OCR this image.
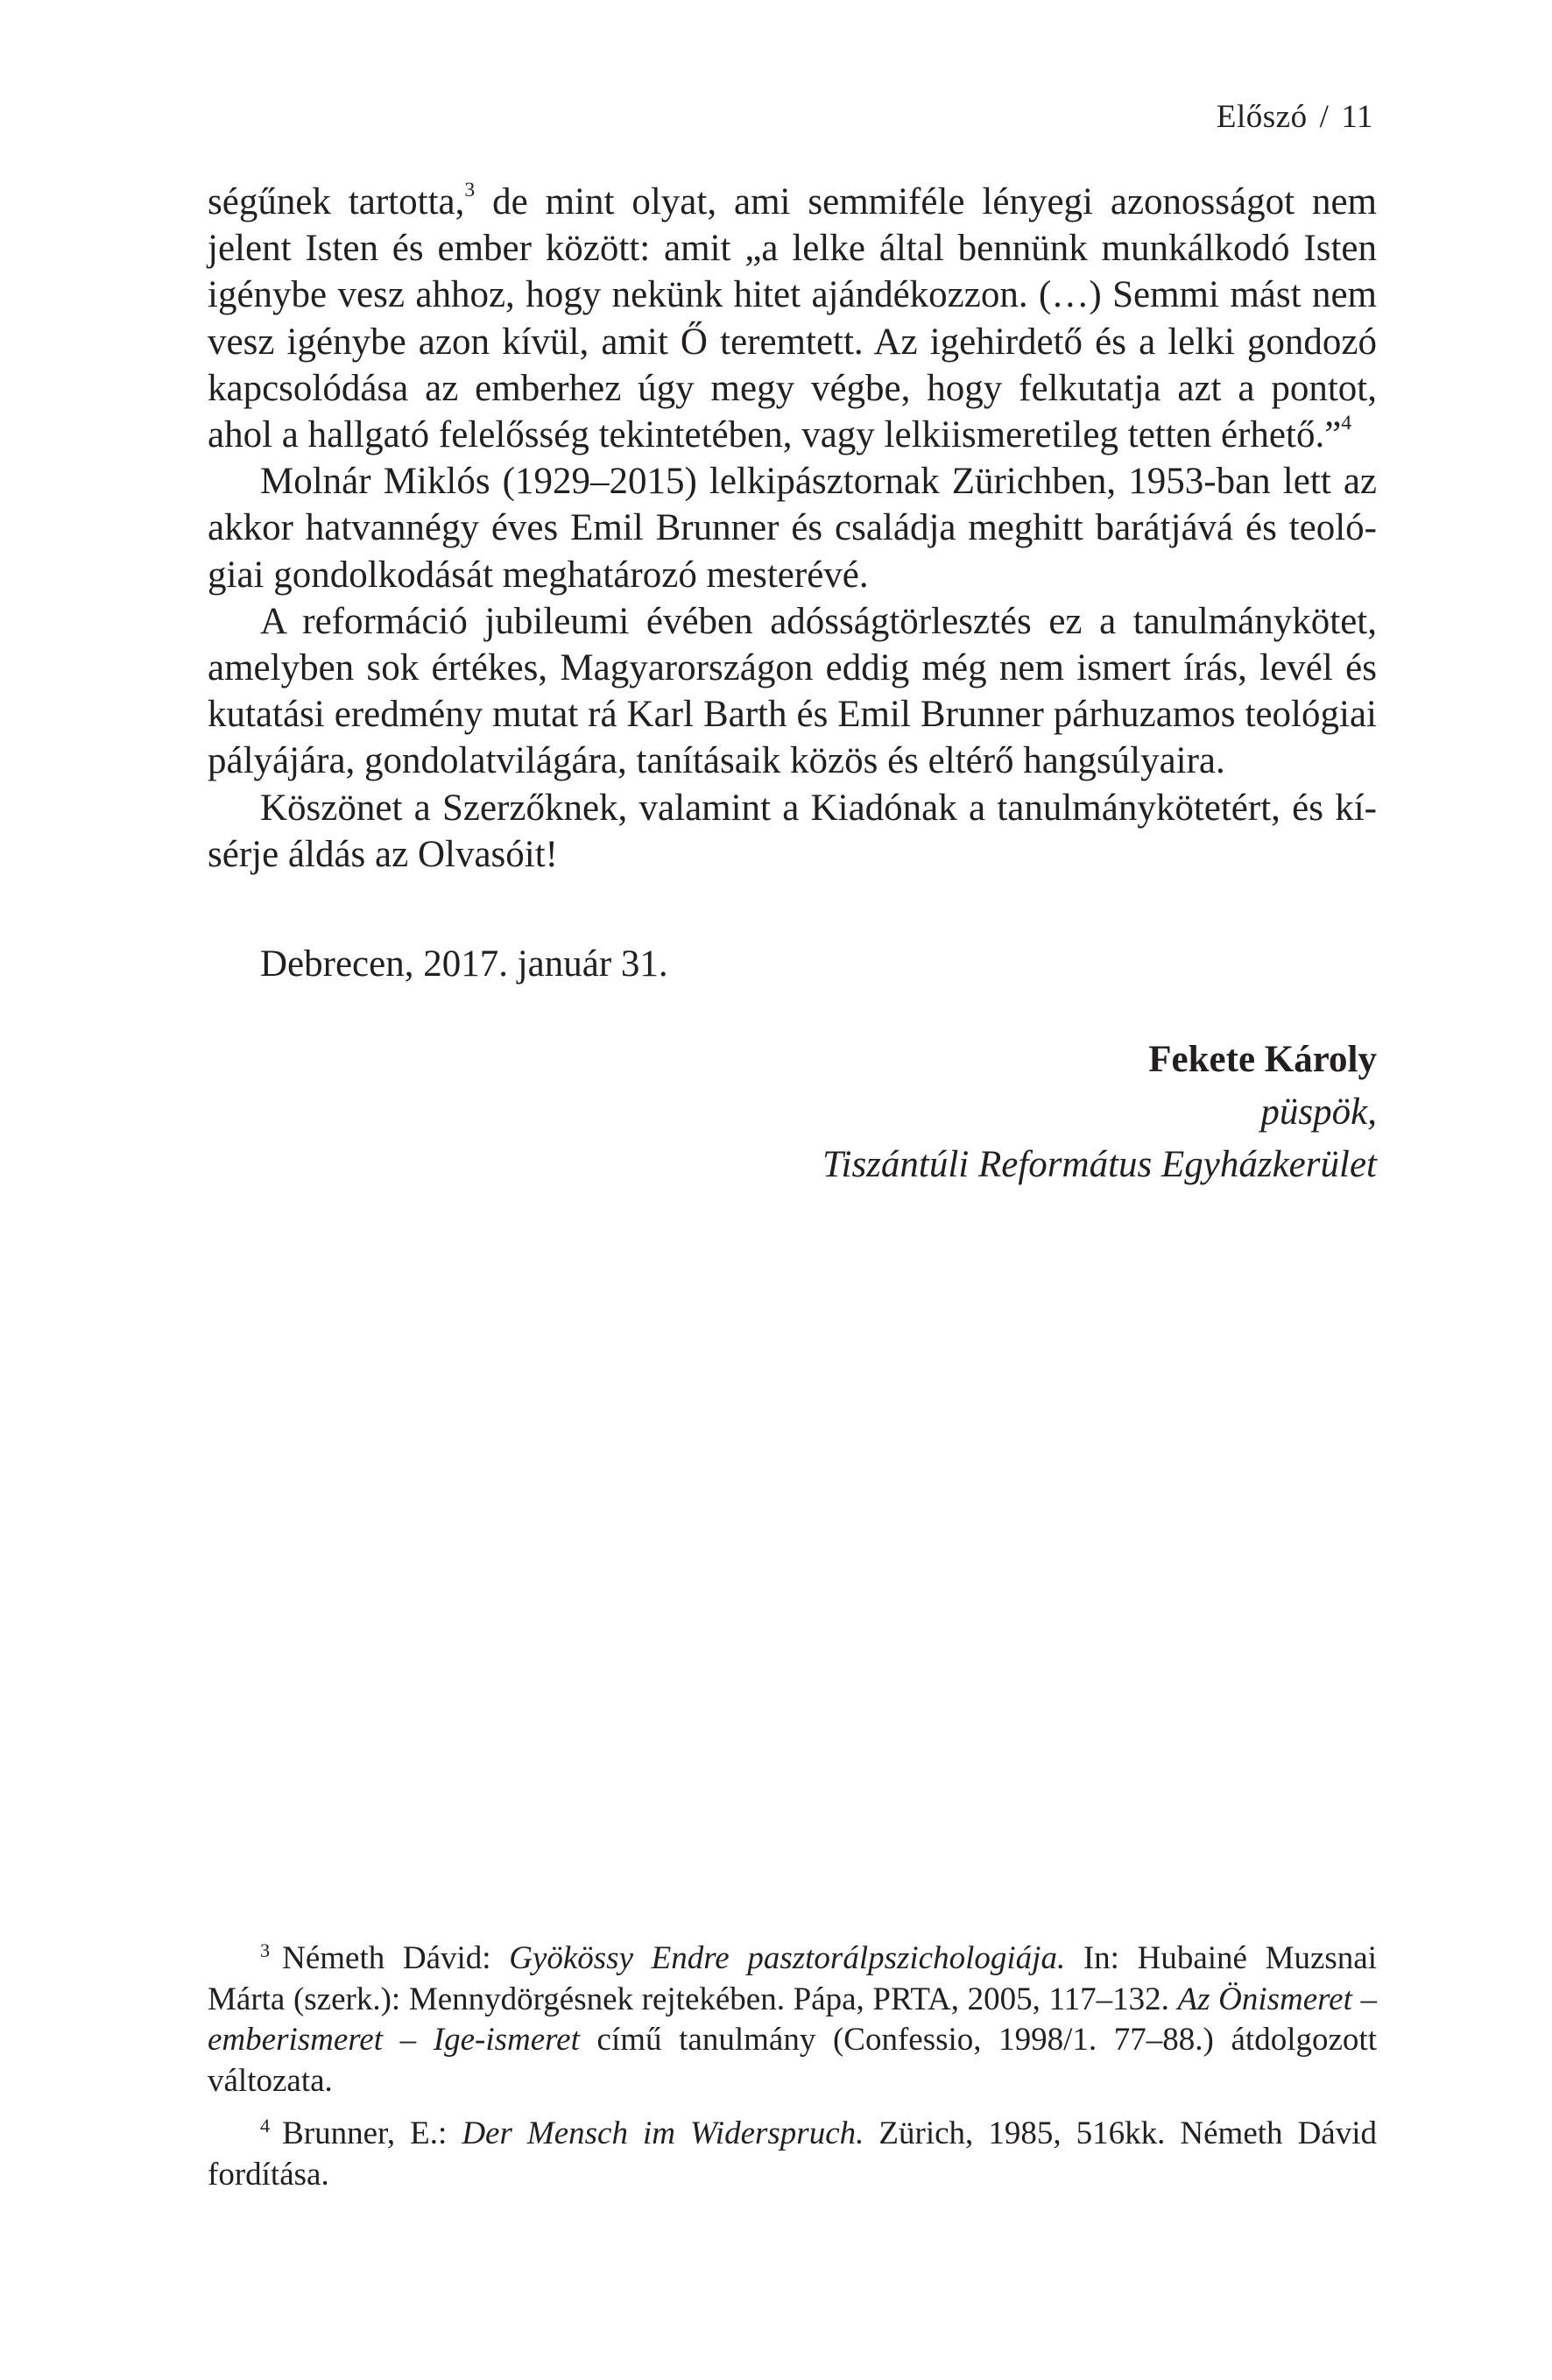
Előszó / 11

ségűnek tartotta,$^3$ de mint olyat, ami semmiféle lényegi azonosságot nem jelent Isten és ember között: amit „a lelke által bennünk munkálkodó Isten igénybe vesz ahhoz, hogy nekünk hitet ajándékozzon. (…) Semmi mást nem vesz igénybe azon kívül, amit Ő teremtett. Az igehirdető és a lelki gondozó kapcsolódása az emberhez úgy megy végbe, hogy felkutatja azt a pontot, ahol a hallgató felelősség tekintetében, vagy lelkiismeretileg tetten érhető.”$^4$

Molnár Miklós (1929–2015) lelkipásztornak Zürichben, 1953-ban lett az akkor hatvannégy éves Emil Brunner és családja meghitt barátjává és teológiai gondolkodását meghatározó mesterévé.

A reformáció jubileumi évében adósságtörlesztés ez a tanulmánykötet, amelyben sok értékes, Magyarországon eddig még nem ismert írás, levél és kutatási eredmény mutat rá Karl Barth és Emil Brunner párhuzamos teológiai pályájára, gondolatvilágára, tanításaik közös és eltérő hangsúlyaira.

Köszönet a Szerzőknek, valamint a Kiadónak a tanulmánykötetért, és kísérje áldás az Olvasóit!

Debrecen, 2017. január 31.
Fekete Károly
püspök,
Tiszántúli Református Egyházkerület

$^3$ Németh Dávid: Gyökössy Endre pasztorálpszichologiája. In: Hubainé Muzsnai Márta (szerk.): Mennydörgésnek rejtekében. Pápa, PRTA, 2005, 117–132. Az Önismeret – emberismeret – Ige-ismeret című tanulmány (Confessio, 1998/1. 77–88.) átdolgozott változata.

$^4$ Brunner, E.: Der Mensch im Widerspruch. Zürich, 1985, 516kk. Németh Dávid fordítása.
